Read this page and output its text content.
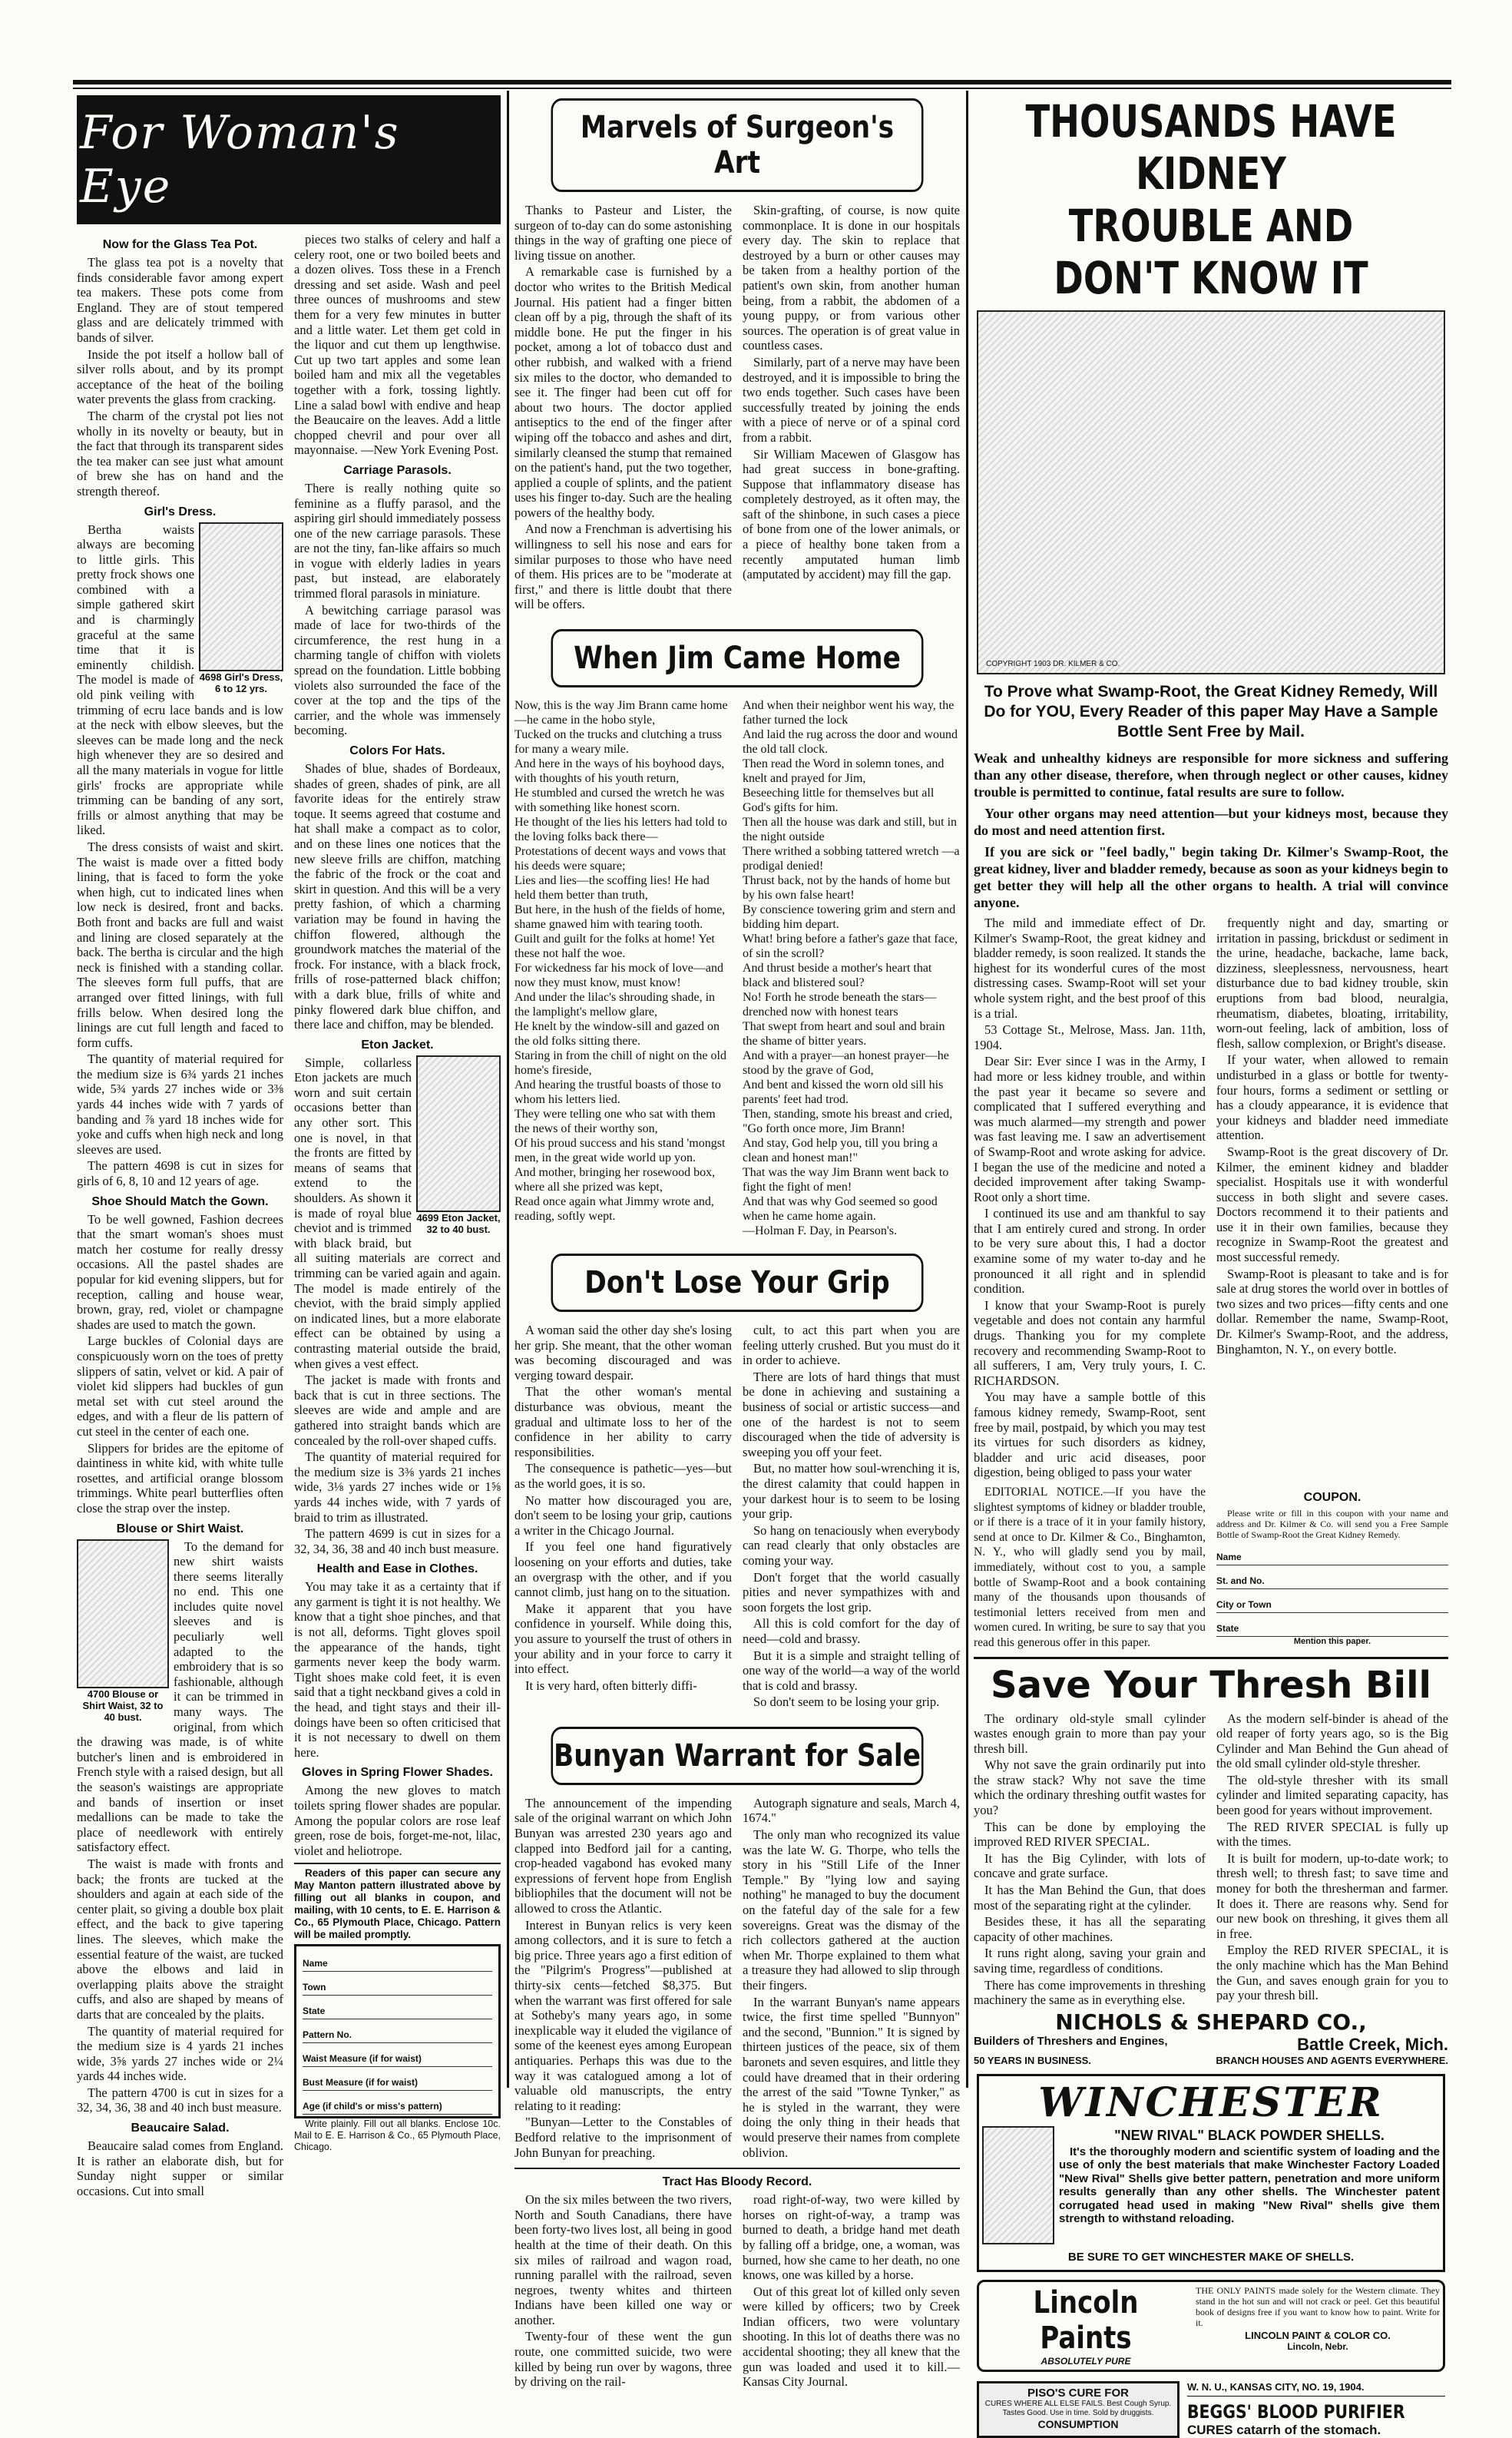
For Woman's Eye
Now for the Glass Tea Pot.

The glass tea pot is a novelty that finds considerable favor among expert tea makers. These pots come from England. They are of stout tempered glass and are delicately trimmed with bands of silver.

Inside the pot itself a hollow ball of silver rolls about, and by its prompt acceptance of the heat of the boiling water prevents the glass from cracking.

The charm of the crystal pot lies not wholly in its novelty or beauty, but in the fact that through its transparent sides the tea maker can see just what amount of brew she has on hand and the strength thereof.

Girl's Dress.
4698 Girl's Dress, 6 to 12 yrs.

Bertha waists always are becoming to little girls. This pretty frock shows one combined with a simple gathered skirt and is charmingly graceful at the same time that it is eminently childish. The model is made of old pink veiling with trimming of ecru lace bands and is low at the neck with elbow sleeves, but the sleeves can be made long and the neck high whenever they are so desired and all the many materials in vogue for little girls' frocks are appropriate while trimming can be banding of any sort, frills or almost anything that may be liked.

The dress consists of waist and skirt. The waist is made over a fitted body lining, that is faced to form the yoke when high, cut to indicated lines when low neck is desired, front and backs. Both front and backs are full and waist and lining are closed separately at the back. The bertha is circular and the high neck is finished with a standing collar. The sleeves form full puffs, that are arranged over fitted linings, with full frills below. When desired long the linings are cut full length and faced to form cuffs.

The quantity of material required for the medium size is 6¾ yards 21 inches wide, 5¾ yards 27 inches wide or 3⅜ yards 44 inches wide with 7 yards of banding and ⅞ yard 18 inches wide for yoke and cuffs when high neck and long sleeves are used.

The pattern 4698 is cut in sizes for girls of 6, 8, 10 and 12 years of age.

Shoe Should Match the Gown.

To be well gowned, Fashion decrees that the smart woman's shoes must match her costume for really dressy occasions. All the pastel shades are popular for kid evening slippers, but for reception, calling and house wear, brown, gray, red, violet or champagne shades are used to match the gown.

Large buckles of Colonial days are conspicuously worn on the toes of pretty slippers of satin, velvet or kid. A pair of violet kid slippers had buckles of gun metal set with cut steel around the edges, and with a fleur de lis pattern of cut steel in the center of each one.

Slippers for brides are the epitome of daintiness in white kid, with white tulle rosettes, and artificial orange blossom trimmings. White pearl butterflies often close the strap over the instep.

Blouse or Shirt Waist.
4700 Blouse or Shirt Waist, 32 to 40 bust.

To the demand for new shirt waists there seems literally no end. This one includes quite novel sleeves and is peculiarly well adapted to the embroidery that is so fashionable, although it can be trimmed in many ways. The original, from which the drawing was made, is of white butcher's linen and is embroidered in French style with a raised design, but all the season's waistings are appropriate and bands of insertion or inset medallions can be made to take the place of needlework with entirely satisfactory effect.

The waist is made with fronts and back; the fronts are tucked at the shoulders and again at each side of the center plait, so giving a double box plait effect, and the back to give tapering lines. The sleeves, which make the essential feature of the waist, are tucked above the elbows and laid in overlapping plaits above the straight cuffs, and also are shaped by means of darts that are concealed by the plaits.

The quantity of material required for the medium size is 4 yards 21 inches wide, 3⅝ yards 27 inches wide or 2¼ yards 44 inches wide.

The pattern 4700 is cut in sizes for a 32, 34, 36, 38 and 40 inch bust measure.

Beaucaire Salad.

Beaucaire salad comes from England. It is rather an elaborate dish, but for Sunday night supper or similar occasions. Cut into small

pieces two stalks of celery and half a celery root, one or two boiled beets and a dozen olives. Toss these in a French dressing and set aside. Wash and peel three ounces of mushrooms and stew them for a very few minutes in butter and a little water. Let them get cold in the liquor and cut them up lengthwise. Cut up two tart apples and some lean boiled ham and mix all the vegetables together with a fork, tossing lightly. Line a salad bowl with endive and heap the Beaucaire on the leaves. Add a little chopped chevril and pour over all mayonnaise. —New York Evening Post.

Carriage Parasols.

There is really nothing quite so feminine as a fluffy parasol, and the aspiring girl should immediately possess one of the new carriage parasols. These are not the tiny, fan-like affairs so much in vogue with elderly ladies in years past, but instead, are elaborately trimmed floral parasols in miniature.

A bewitching carriage parasol was made of lace for two-thirds of the circumference, the rest hung in a charming tangle of chiffon with violets spread on the foundation. Little bobbing violets also surrounded the face of the cover at the top and the tips of the carrier, and the whole was immensely becoming.

Colors For Hats.

Shades of blue, shades of Bordeaux, shades of green, shades of pink, are all favorite ideas for the entirely straw toque. It seems agreed that costume and hat shall make a compact as to color, and on these lines one notices that the new sleeve frills are chiffon, matching the fabric of the frock or the coat and skirt in question. And this will be a very pretty fashion, of which a charming variation may be found in having the chiffon flowered, although the groundwork matches the material of the frock. For instance, with a black frock, frills of rose-patterned black chiffon; with a dark blue, frills of white and pinky flowered dark blue chiffon, and there lace and chiffon, may be blended.

Eton Jacket.
4699 Eton Jacket, 32 to 40 bust.

Simple, collarless Eton jackets are much worn and suit certain occasions better than any other sort. This one is novel, in that the fronts are fitted by means of seams that extend to the shoulders. As shown it is made of royal blue cheviot and is trimmed with black braid, but all suiting materials are correct and trimming can be varied again and again. The model is made entirely of the cheviot, with the braid simply applied on indicated lines, but a more elaborate effect can be obtained by using a contrasting material outside the braid, when gives a vest effect.

The jacket is made with fronts and back that is cut in three sections. The sleeves are wide and ample and are gathered into straight bands which are concealed by the roll-over shaped cuffs.

The quantity of material required for the medium size is 3⅜ yards 21 inches wide, 3⅛ yards 27 inches wide or 1⅝ yards 44 inches wide, with 7 yards of braid to trim as illustrated.

The pattern 4699 is cut in sizes for a 32, 34, 36, 38 and 40 inch bust measure.

Health and Ease in Clothes.

You may take it as a certainty that if any garment is tight it is not healthy. We know that a tight shoe pinches, and that is not all, deforms. Tight gloves spoil the appearance of the hands, tight garments never keep the body warm. Tight shoes make cold feet, it is even said that a tight neckband gives a cold in the head, and tight stays and their ill-doings have been so often criticised that it is not necessary to dwell on them here.

Gloves in Spring Flower Shades.

Among the new gloves to match toilets spring flower shades are popular. Among the popular colors are rose leaf green, rose de bois, forget-me-not, lilac, violet and heliotrope.

Readers of this paper can secure any May Manton pattern illustrated above by filling out all blanks in coupon, and mailing, with 10 cents, to E. E. Harrison & Co., 65 Plymouth Place, Chicago. Pattern will be mailed promptly.

Name
Town
State
Pattern No.
Waist Measure (if for waist)
Bust Measure (if for waist)
Age (if child's or miss's pattern)

Write plainly. Fill out all blanks. Enclose 10c. Mail to E. E. Harrison & Co., 65 Plymouth Place, Chicago.

Marvels of Surgeon's Art

Thanks to Pasteur and Lister, the surgeon of to-day can do some astonishing things in the way of grafting one piece of living tissue on another.

A remarkable case is furnished by a doctor who writes to the British Medical Journal. His patient had a finger bitten clean off by a pig, through the shaft of its middle bone. He put the finger in his pocket, among a lot of tobacco dust and other rubbish, and walked with a friend six miles to the doctor, who demanded to see it. The finger had been cut off for about two hours. The doctor applied antiseptics to the end of the finger after wiping off the tobacco and ashes and dirt, similarly cleansed the stump that remained on the patient's hand, put the two together, applied a couple of splints, and the patient uses his finger to-day. Such are the healing powers of the healthy body.

And now a Frenchman is advertising his willingness to sell his nose and ears for similar purposes to those who have need of them. His prices are to be "moderate at first," and there is little doubt that there will be offers.

Skin-grafting, of course, is now quite commonplace. It is done in our hospitals every day. The skin to replace that destroyed by a burn or other causes may be taken from a healthy portion of the patient's own skin, from another human being, from a rabbit, the abdomen of a young puppy, or from various other sources. The operation is of great value in countless cases.

Similarly, part of a nerve may have been destroyed, and it is impossible to bring the two ends together. Such cases have been successfully treated by joining the ends with a piece of nerve or of a spinal cord from a rabbit.

Sir William Macewen of Glasgow has had great success in bone-grafting. Suppose that inflammatory disease has completely destroyed, as it often may, the saft of the shinbone, in such cases a piece of bone from one of the lower animals, or a piece of healthy bone taken from a recently amputated human limb (amputated by accident) may fill the gap.

When Jim Came Home

Now, this is the way Jim Brann came home—he came in the hobo style,

Tucked on the trucks and clutching a truss for many a weary mile.

And here in the ways of his boyhood days, with thoughts of his youth return,

He stumbled and cursed the wretch he was with something like honest scorn.

He thought of the lies his letters had told to the loving folks back there—

Protestations of decent ways and vows that his deeds were square;

Lies and lies—the scoffing lies! He had held them better than truth,

But here, in the hush of the fields of home, shame gnawed him with tearing tooth.

Guilt and guilt for the folks at home! Yet these not half the woe.

For wickedness far his mock of love—and now they must know, must know!

And under the lilac's shrouding shade, in the lamplight's mellow glare,

He knelt by the window-sill and gazed on the old folks sitting there.

Staring in from the chill of night on the old home's fireside,

And hearing the trustful boasts of those to whom his letters lied.

They were telling one who sat with them the news of their worthy son,

Of his proud success and his stand 'mongst men, in the great wide world up yon.

And mother, bringing her rosewood box, where all she prized was kept,

Read once again what Jimmy wrote and, reading, softly wept.

And when their neighbor went his way, the father turned the lock

And laid the rug across the door and wound the old tall clock.

Then read the Word in solemn tones, and knelt and prayed for Jim,

Beseeching little for themselves but all God's gifts for him.

Then all the house was dark and still, but in the night outside

There writhed a sobbing tattered wretch —a prodigal denied!

Thrust back, not by the hands of home but by his own false heart!

By conscience towering grim and stern and bidding him depart.

What! bring before a father's gaze that face, of sin the scroll?

And thrust beside a mother's heart that black and blistered soul?

No! Forth he strode beneath the stars—drenched now with honest tears

That swept from heart and soul and brain the shame of bitter years.

And with a prayer—an honest prayer—he stood by the grave of God,

And bent and kissed the worn old sill his parents' feet had trod.

Then, standing, smote his breast and cried, "Go forth once more, Jim Brann!

And stay, God help you, till you bring a clean and honest man!"

That was the way Jim Brann went back to fight the fight of men!

And that was why God seemed so good when he came home again.

—Holman F. Day, in Pearson's.

Don't Lose Your Grip

A woman said the other day she's losing her grip. She meant, that the other woman was becoming discouraged and was verging toward despair.

That the other woman's mental disturbance was obvious, meant the gradual and ultimate loss to her of the confidence in her ability to carry responsibilities.

The consequence is pathetic—yes—but as the world goes, it is so.

No matter how discouraged you are, don't seem to be losing your grip, cautions a writer in the Chicago Journal.

If you feel one hand figuratively loosening on your efforts and duties, take an overgrasp with the other, and if you cannot climb, just hang on to the situation.

Make it apparent that you have confidence in yourself. While doing this, you assure to yourself the trust of others in your ability and in your force to carry it into effect.

It is very hard, often bitterly diffi-

cult, to act this part when you are feeling utterly crushed. But you must do it in order to achieve.

There are lots of hard things that must be done in achieving and sustaining a business of social or artistic success—and one of the hardest is not to seem discouraged when the tide of adversity is sweeping you off your feet.

But, no matter how soul-wrenching it is, the direst calamity that could happen in your darkest hour is to seem to be losing your grip.

So hang on tenaciously when everybody can read clearly that only obstacles are coming your way.

Don't forget that the world casually pities and never sympathizes with and soon forgets the lost grip.

All this is cold comfort for the day of need—cold and brassy.

But it is a simple and straight telling of one way of the world—a way of the world that is cold and brassy.

So don't seem to be losing your grip.

Bunyan Warrant for Sale

The announcement of the impending sale of the original warrant on which John Bunyan was arrested 230 years ago and clapped into Bedford jail for a canting, crop-headed vagabond has evoked many expressions of fervent hope from English bibliophiles that the document will not be allowed to cross the Atlantic.

Interest in Bunyan relics is very keen among collectors, and it is sure to fetch a big price. Three years ago a first edition of the "Pilgrim's Progress"—published at thirty-six cents—fetched $8,375. But when the warrant was first offered for sale at Sotheby's many years ago, in some inexplicable way it eluded the vigilance of some of the keenest eyes among European antiquaries. Perhaps this was due to the way it was catalogued among a lot of valuable old manuscripts, the entry relating to it reading:

"Bunyan—Letter to the Constables of Bedford relative to the imprisonment of John Bunyan for preaching.

Autograph signature and seals, March 4, 1674."

The only man who recognized its value was the late W. G. Thorpe, who tells the story in his "Still Life of the Inner Temple." By "lying low and saying nothing" he managed to buy the document on the fateful day of the sale for a few sovereigns. Great was the dismay of the rich collectors gathered at the auction when Mr. Thorpe explained to them what a treasure they had allowed to slip through their fingers.

In the warrant Bunyan's name appears twice, the first time spelled "Bunnyon" and the second, "Bunnion." It is signed by thirteen justices of the peace, six of them baronets and seven esquires, and little they could have dreamed that in their ordering the arrest of the said "Towne Tynker," as he is styled in the warrant, they were doing the only thing in their heads that would preserve their names from complete oblivion.

Tract Has Bloody Record.

On the six miles between the two rivers, North and South Canadians, there have been forty-two lives lost, all being in good health at the time of their death. On this six miles of railroad and wagon road, running parallel with the railroad, seven negroes, twenty whites and thirteen Indians have been killed one way or another.

Twenty-four of these went the gun route, one committed suicide, two were killed by being run over by wagons, three by driving on the rail-

road right-of-way, two were killed by horses on right-of-way, a tramp was burned to death, a bridge hand met death by falling off a bridge, one, a woman, was burned, how she came to her death, no one knows, one was killed by a horse.

Out of this great lot of killed only seven were killed by officers; two by Creek Indian officers, two were voluntary shooting. In this lot of deaths there was no accidental shooting; they all knew that the gun was loaded and used it to kill.—Kansas City Journal.

THOUSANDS HAVE KIDNEY

TROUBLE AND DON'T KNOW IT

COPYRIGHT 1903 DR. KILMER & CO.

To Prove what Swamp-Root, the Great Kidney Remedy, Will Do for YOU, Every Reader of this paper May Have a Sample Bottle Sent Free by Mail.

Weak and unhealthy kidneys are responsible for more sickness and suffering than any other disease, therefore, when through neglect or other causes, kidney trouble is permitted to continue, fatal results are sure to follow.

Your other organs may need attention—but your kidneys most, because they do most and need attention first.

If you are sick or "feel badly," begin taking Dr. Kilmer's Swamp-Root, the great kidney, liver and bladder remedy, because as soon as your kidneys begin to get better they will help all the other organs to health. A trial will convince anyone.

The mild and immediate effect of Dr. Kilmer's Swamp-Root, the great kidney and bladder remedy, is soon realized. It stands the highest for its wonderful cures of the most distressing cases. Swamp-Root will set your whole system right, and the best proof of this is a trial.

53 Cottage St., Melrose, Mass. Jan. 11th, 1904.

Dear Sir: Ever since I was in the Army, I had more or less kidney trouble, and within the past year it became so severe and complicated that I suffered everything and was much alarmed—my strength and power was fast leaving me. I saw an advertisement of Swamp-Root and wrote asking for advice. I began the use of the medicine and noted a decided improvement after taking Swamp-Root only a short time.

I continued its use and am thankful to say that I am entirely cured and strong. In order to be very sure about this, I had a doctor examine some of my water to-day and he pronounced it all right and in splendid condition.

I know that your Swamp-Root is purely vegetable and does not contain any harmful drugs. Thanking you for my complete recovery and recommending Swamp-Root to all sufferers, I am, Very truly yours, I. C. RICHARDSON.

You may have a sample bottle of this famous kidney remedy, Swamp-Root, sent free by mail, postpaid, by which you may test its virtues for such disorders as kidney, bladder and uric acid diseases, poor digestion, being obliged to pass your water

frequently night and day, smarting or irritation in passing, brickdust or sediment in the urine, headache, backache, lame back, dizziness, sleeplessness, nervousness, heart disturbance due to bad kidney trouble, skin eruptions from bad blood, neuralgia, rheumatism, diabetes, bloating, irritability, worn-out feeling, lack of ambition, loss of flesh, sallow complexion, or Bright's disease.

If your water, when allowed to remain undisturbed in a glass or bottle for twenty-four hours, forms a sediment or settling or has a cloudy appearance, it is evidence that your kidneys and bladder need immediate attention.

Swamp-Root is the great discovery of Dr. Kilmer, the eminent kidney and bladder specialist. Hospitals use it with wonderful success in both slight and severe cases. Doctors recommend it to their patients and use it in their own families, because they recognize in Swamp-Root the greatest and most successful remedy.

Swamp-Root is pleasant to take and is for sale at drug stores the world over in bottles of two sizes and two prices—fifty cents and one dollar. Remember the name, Swamp-Root, Dr. Kilmer's Swamp-Root, and the address, Binghamton, N. Y., on every bottle.

EDITORIAL NOTICE.—If you have the slightest symptoms of kidney or bladder trouble, or if there is a trace of it in your family history, send at once to Dr. Kilmer & Co., Binghamton, N. Y., who will gladly send you by mail, immediately, without cost to you, a sample bottle of Swamp-Root and a book containing many of the thousands upon thousands of testimonial letters received from men and women cured. In writing, be sure to say that you read this generous offer in this paper.

COUPON.

Please write or fill in this coupon with your name and address and Dr. Kilmer & Co. will send you a Free Sample Bottle of Swamp-Root the Great Kidney Remedy.

Name
St. and No.
City or Town
State
Mention this paper.
Save Your Thresh Bill

The ordinary old-style small cylinder wastes enough grain to more than pay your thresh bill.

Why not save the grain ordinarily put into the straw stack? Why not save the time which the ordinary threshing outfit wastes for you?

This can be done by employing the improved RED RIVER SPECIAL.

It has the Big Cylinder, with lots of concave and grate surface.

It has the Man Behind the Gun, that does most of the separating right at the cylinder.

Besides these, it has all the separating capacity of other machines.

It runs right along, saving your grain and saving time, regardless of conditions.

There has come improvements in threshing machinery the same as in everything else.

As the modern self-binder is ahead of the old reaper of forty years ago, so is the Big Cylinder and Man Behind the Gun ahead of the old small cylinder old-style thresher.

The old-style thresher with its small cylinder and limited separating capacity, has been good for years without improvement.

The RED RIVER SPECIAL is fully up with the times.

It is built for modern, up-to-date work; to thresh well; to thresh fast; to save time and money for both the thresherman and farmer. It does it. There are reasons why. Send for our new book on threshing, it gives them all in free.

Employ the RED RIVER SPECIAL, it is the only machine which has the Man Behind the Gun, and saves enough grain for you to pay your thresh bill.

NICHOLS & SHEPARD CO.,
Builders of Threshers and Engines,	Battle Creek, Mich.
50 YEARS IN BUSINESS.	BRANCH HOUSES AND AGENTS EVERYWHERE.
WINCHESTER
"NEW RIVAL" BLACK POWDER SHELLS.

It's the thoroughly modern and scientific system of loading and the use of only the best materials that make Winchester Factory Loaded "New Rival" Shells give better pattern, penetration and more uniform results generally than any other shells. The Winchester patent corrugated head used in making "New Rival" shells give them strength to withstand reloading.

BE SURE TO GET WINCHESTER MAKE OF SHELLS.
Lincoln Paints
ABSOLUTELY PURE

THE ONLY PAINTS made solely for the Western climate. They stand in the hot sun and will not crack or peel. Get this beautiful book of designs free if you want to know how to paint. Write for it.

LINCOLN PAINT & COLOR CO.
Lincoln, Nebr.
PISO'S CURE FOR
CURES WHERE ALL ELSE FAILS. Best Cough Syrup. Tastes Good. Use in time. Sold by druggists.
CONSUMPTION
W. N. U., KANSAS CITY, NO. 19, 1904.
BEGGS' BLOOD PURIFIER
CURES catarrh of the stomach.
